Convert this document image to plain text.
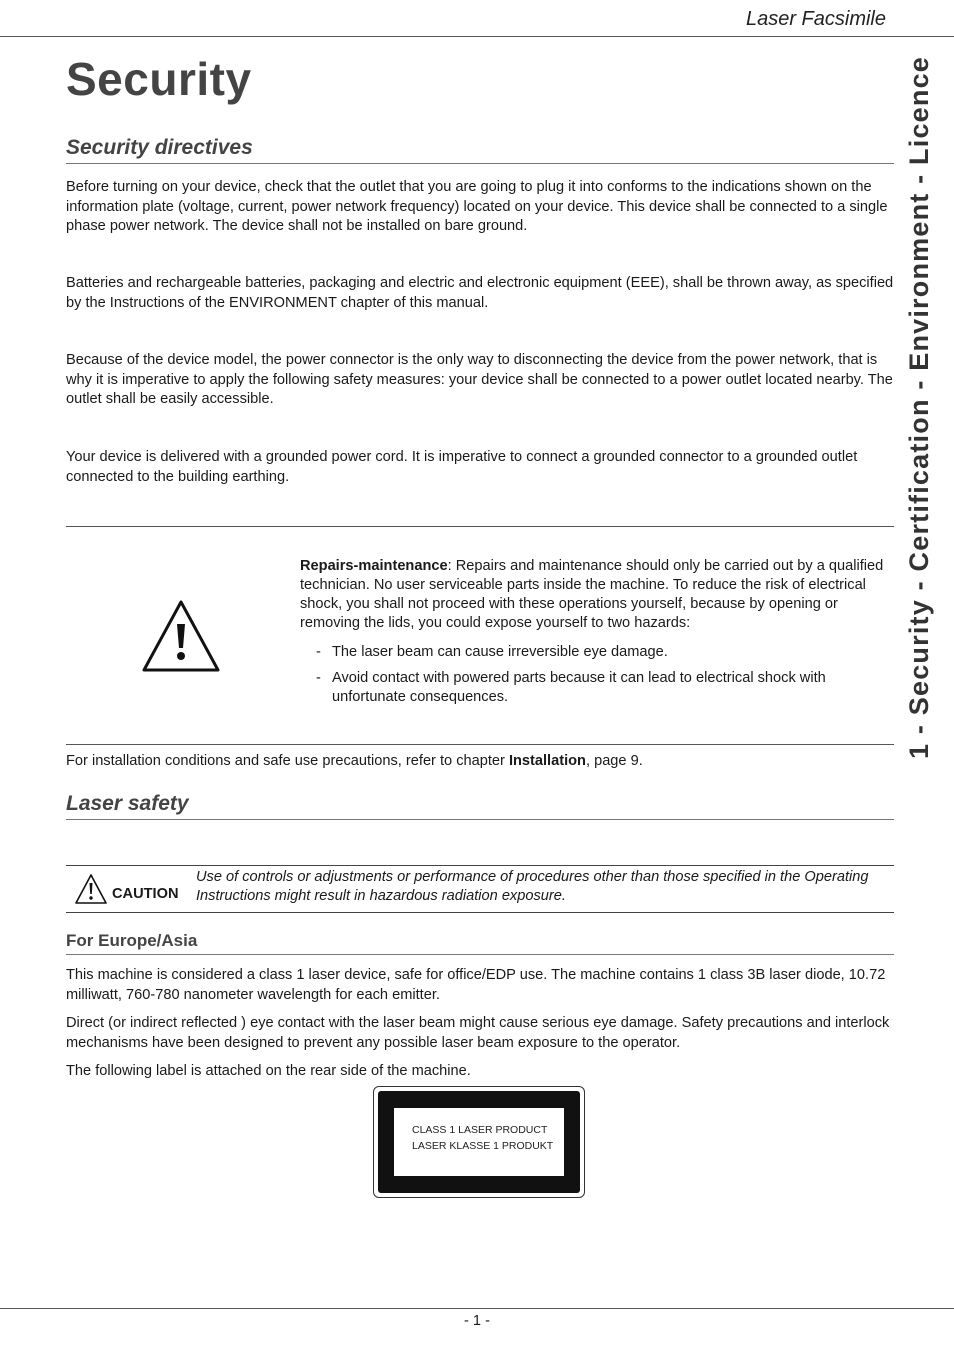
Laser Facsimile
Security	1 - Security - Certification - Environment - Licence
Security directives

Before turning on your device, check that the outlet that you are going to plug it into conforms to the indications shown on the information plate (voltage, current, power network frequency) located on your device. This device shall be connected to a single phase power network. The device shall not be installed on bare ground.

Batteries and rechargeable batteries, packaging and electric and electronic equipment (EEE), shall be thrown away, as specified by the Instructions of the ENVIRONMENT chapter of this manual.

Because of the device model, the power connector is the only way to disconnecting the device from the power network, that is why it is imperative to apply the following safety measures: your device shall be connected to a power outlet located nearby. The outlet shall be easily accessible.

Your device is delivered with a grounded power cord. It is imperative to connect a grounded connector to a grounded outlet connected to the building earthing.

Repairs-maintenance: Repairs and maintenance should only be carried out by a qualified technician. No user serviceable parts inside the machine. To reduce the risk of electrical shock, you shall not proceed with these operations yourself, because by opening or removing the lids, you could expose yourself to two hazards:
- The laser beam can cause irreversible eye damage.
- Avoid contact with powered parts because it can lead to electrical shock with unfortunate consequences.

For installation conditions and safe use precautions, refer to chapter Installation, page 9.

Laser safety
CAUTION

Use of controls or adjustments or performance of procedures other than those specified in the Operating Instructions might result in hazardous radiation exposure.

For Europe/Asia

This machine is considered a class 1 laser device, safe for office/EDP use. The machine contains 1 class 3B laser diode, 10.72 milliwatt, 760-780 nanometer wavelength for each emitter.

Direct (or indirect reflected ) eye contact with the laser beam might cause serious eye damage. Safety precautions and interlock mechanisms have been designed to prevent any possible laser beam exposure to the operator.

The following label is attached on the rear side of the machine.

CLASS 1 LASER PRODUCT
LASER KLASSE 1 PRODUKT
- 1 -
